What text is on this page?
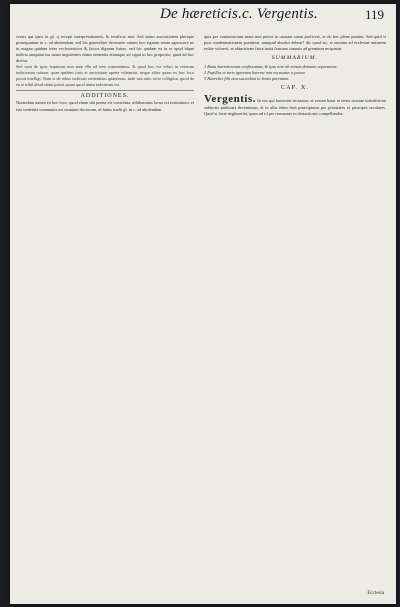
De hæreticis.c. Vergentis.	119

cessis qui ipsis in gl. q recepit interpretationem, & testificat mer. Sed istam auctoritatem plerique prosequuntur in c. ad abolendam. sed hic generaliter decreuere omnes hoc signum etiam agnoscere ne in magna quidem inter ecclesiasticos & laicos dignum fuisse, sed hic quidam ea in re apud idque indicio tanquam ius suum inquirentes etiam sententia etiamque ad caput in hoc proposito, quod ad hoc dicitur.

Sed cum de ipsis loquimur non ante vlla ad rem consentimus, & quod hoc est veluti in veterum iudiciorum ratione, quae quidem iuris et auctoritate aperte videantur, neque aliter quam ex hoc loco possit intelligi. Nam si de rebus iudicatis sententiam quaerimus, inde ista ratio recte colligitur, quod de ea re nihil aliud statui possit quam quod antea iudicatum est.

ADDITIONES.

Notandum autem ex hoc loco, quod etiam ubi poena est constituta, nihilominus locus est restitutioni, et ista sententia communis est omnium doctorum, ut latius tradit gl. in c. ad abolendam.

quia per contumaciam suam non potest in causam suam proficere, et ob hoc plene punitur. Sed quid si post condemnationem poeniteat, nunquid absolui debeat? dic quod sic, si omnino ad ecclesiae unitatem redire voluerit, et abiuratione facta iuxta formam canonis ad gremium recipiatur.

SUMMARIUM.

1 Bona haereticorum confiscantur, & ipso iure ab eorum dominio separantur.

2 Pupillus et iuris ignorans haeresi non excusatur a poena.

3 Haeretici filii non succedunt in bonis parentum.

CAP. X.

Vergentis. In eos qui haeresim sectantur, et eorum bona in terris nostrae iurisdictioni subiectis publicari decernimus, et in aliis idem fieri praecipimus per potestates et principes seculares. Quod si forte neglexerint, ipsos ad id per censuram ecclesiasticam compellendos.

Ecclesia
